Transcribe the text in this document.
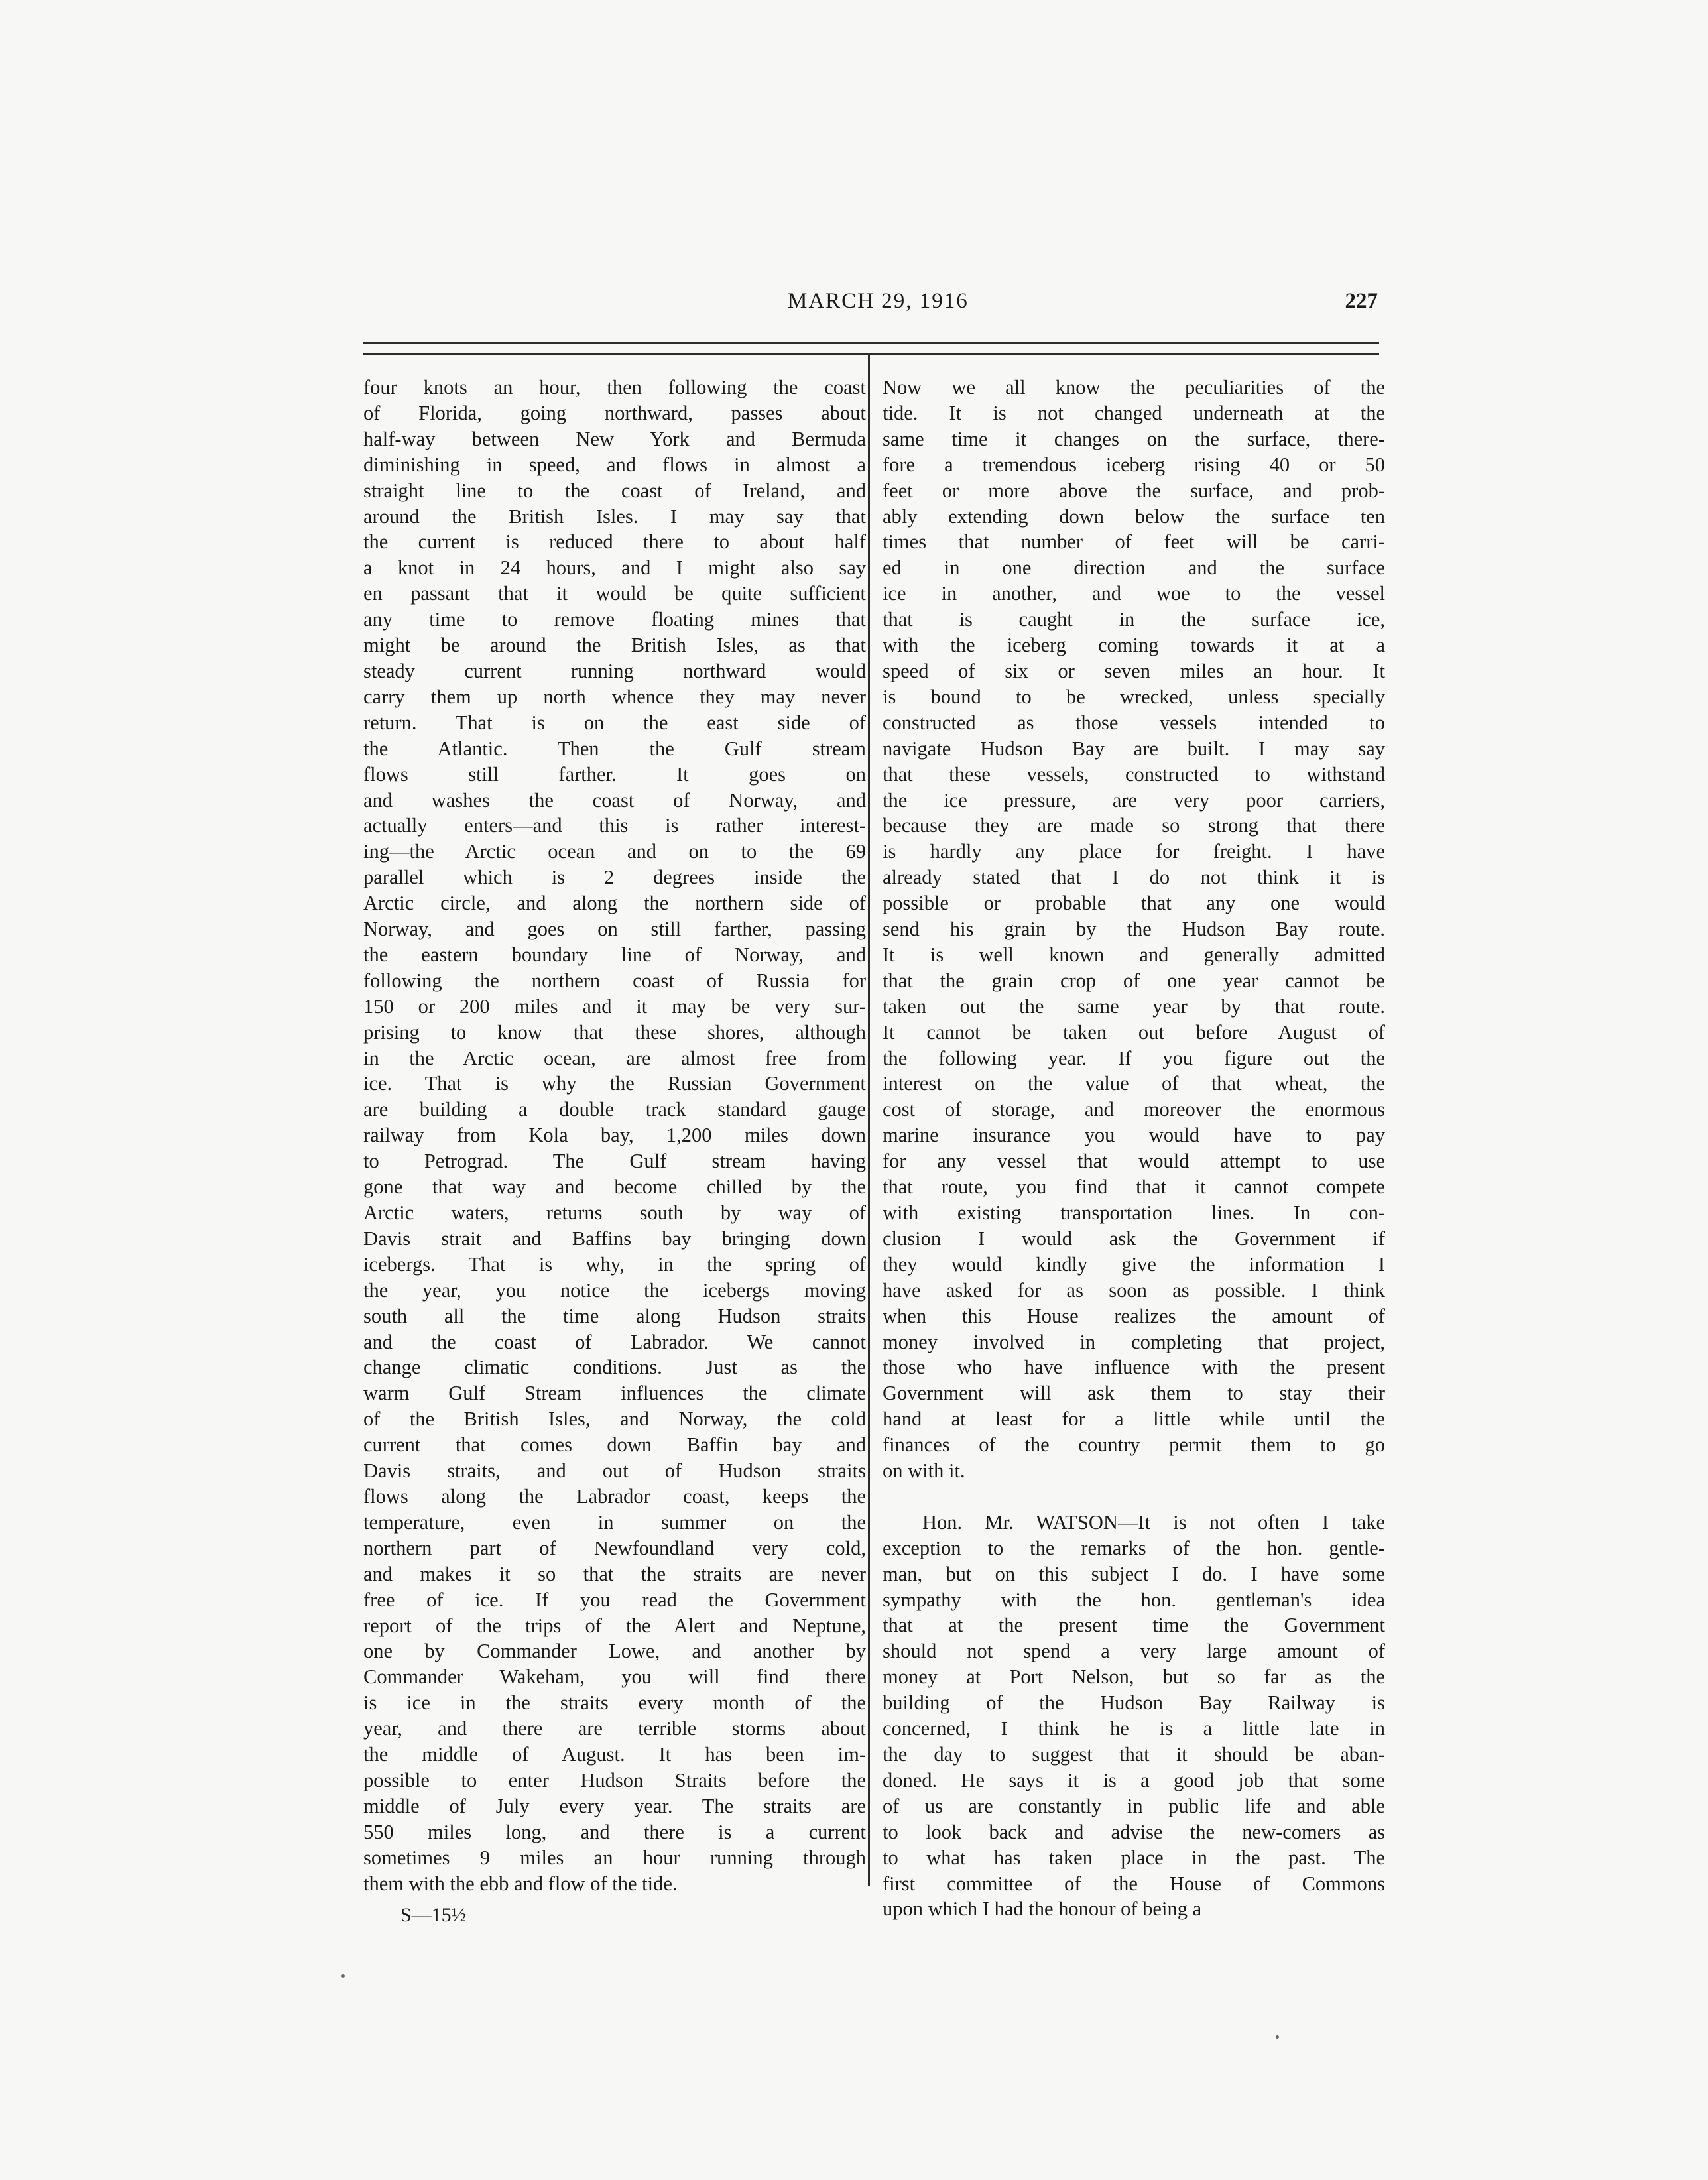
MARCH 29, 1916	227
four knots an hour, then following the coast
of Florida, going northward, passes about
half-way between New York and Bermuda
diminishing in speed, and flows in almost a
straight line to the coast of Ireland, and
around the British Isles. I may say that
the current is reduced there to about half
a knot in 24 hours, and I might also say
en passant that it would be quite sufficient
any time to remove floating mines that
might be around the British Isles, as that
steady current running northward would
carry them up north whence they may never
return. That is on the east side of
the Atlantic. Then the Gulf stream
flows still farther. It goes on
and washes the coast of Norway, and
actually enters—and this is rather interest-
ing—the Arctic ocean and on to the 69
parallel which is 2 degrees inside the
Arctic circle, and along the northern side of
Norway, and goes on still farther, passing
the eastern boundary line of Norway, and
following the northern coast of Russia for
150 or 200 miles and it may be very sur-
prising to know that these shores, although
in the Arctic ocean, are almost free from
ice. That is why the Russian Government
are building a double track standard gauge
railway from Kola bay, 1,200 miles down
to Petrograd. The Gulf stream having
gone that way and become chilled by the
Arctic waters, returns south by way of
Davis strait and Baffins bay bringing down
icebergs. That is why, in the spring of
the year, you notice the icebergs moving
south all the time along Hudson straits
and the coast of Labrador. We cannot
change climatic conditions. Just as the
warm Gulf Stream influences the climate
of the British Isles, and Norway, the cold
current that comes down Baffin bay and
Davis straits, and out of Hudson straits
flows along the Labrador coast, keeps the
temperature, even in summer on the
northern part of Newfoundland very cold,
and makes it so that the straits are never
free of ice. If you read the Government
report of the trips of the Alert and Neptune,
one by Commander Lowe, and another by
Commander Wakeham, you will find there
is ice in the straits every month of the
year, and there are terrible storms about
the middle of August. It has been im-
possible to enter Hudson Straits before the
middle of July every year. The straits are
550 miles long, and there is a current
sometimes 9 miles an hour running through
them with the ebb and flow of the tide.
Now we all know the peculiarities of the
tide. It is not changed underneath at the
same time it changes on the surface, there-
fore a tremendous iceberg rising 40 or 50
feet or more above the surface, and prob-
ably extending down below the surface ten
times that number of feet will be carri-
ed in one direction and the surface
ice in another, and woe to the vessel
that is caught in the surface ice,
with the iceberg coming towards it at a
speed of six or seven miles an hour. It
is bound to be wrecked, unless specially
constructed as those vessels intended to
navigate Hudson Bay are built. I may say
that these vessels, constructed to withstand
the ice pressure, are very poor carriers,
because they are made so strong that there
is hardly any place for freight. I have
already stated that I do not think it is
possible or probable that any one would
send his grain by the Hudson Bay route.
It is well known and generally admitted
that the grain crop of one year cannot be
taken out the same year by that route.
It cannot be taken out before August of
the following year. If you figure out the
interest on the value of that wheat, the
cost of storage, and moreover the enormous
marine insurance you would have to pay
for any vessel that would attempt to use
that route, you find that it cannot compete
with existing transportation lines. In con-
clusion I would ask the Government if
they would kindly give the information I
have asked for as soon as possible. I think
when this House realizes the amount of
money involved in completing that project,
those who have influence with the present
Government will ask them to stay their
hand at least for a little while until the
finances of the country permit them to go
on with it.
Hon. Mr. WATSON—It is not often I take
exception to the remarks of the hon. gentle-
man, but on this subject I do. I have some
sympathy with the hon. gentleman's idea
that at the present time the Government
should not spend a very large amount of
money at Port Nelson, but so far as the
building of the Hudson Bay Railway is
concerned, I think he is a little late in
the day to suggest that it should be aban-
doned. He says it is a good job that some
of us are constantly in public life and able
to look back and advise the new-comers as
to what has taken place in the past. The
first committee of the House of Commons
upon which I had the honour of being a
S—15½
